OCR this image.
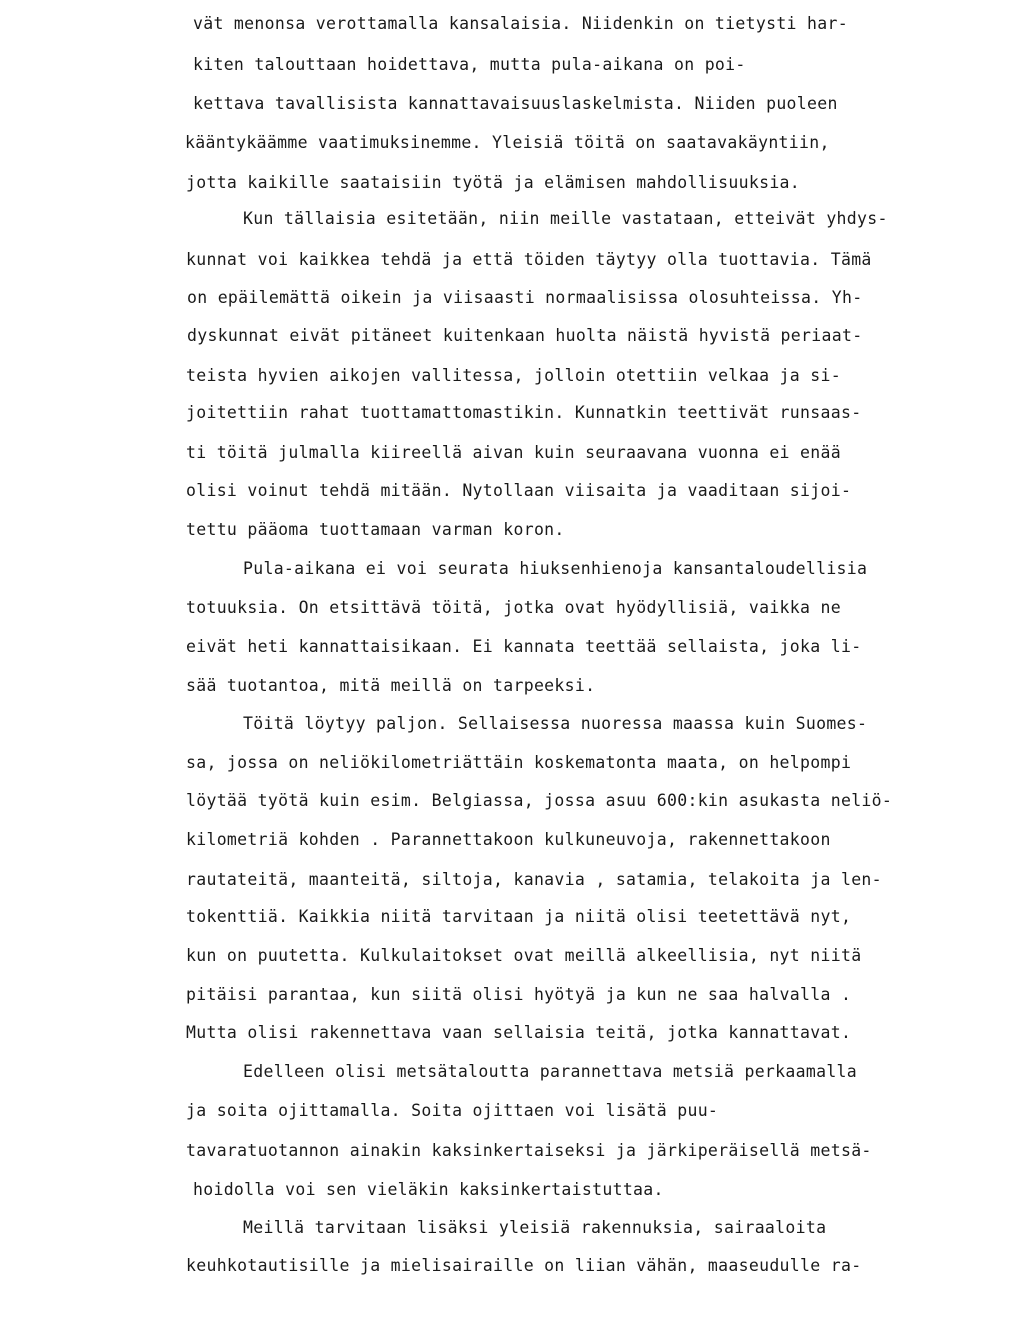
vät menonsa verottamalla kansalaisia. Niidenkin on tietysti har-
kiten talouttaan hoidettava, mutta pula-aikana on poi-
kettava tavallisista kannattavaisuuslaskelmista. Niiden puoleen
kääntykäämme vaatimuksinemme. Yleisiä töitä on saatavakäyntiin,
jotta kaikille saataisiin työtä ja elämisen mahdollisuuksia.
Kun tällaisia esitetään, niin meille vastataan, etteivät yhdys-
kunnat voi kaikkea tehdä ja että töiden täytyy olla tuottavia. Tämä
on epäilemättä oikein ja viisaasti normaalisissa olosuhteissa. Yh-
dyskunnat eivät pitäneet kuitenkaan huolta näistä hyvistä periaat-
teista hyvien aikojen vallitessa, jolloin otettiin velkaa ja si-
joitettiin rahat tuottamattomastikin. Kunnatkin teettivät runsaas-
ti töitä julmalla kiireellä aivan kuin seuraavana vuonna ei enää
olisi voinut tehdä mitään. Nytollaan viisaita ja vaaditaan sijoi-
tettu pääoma tuottamaan varman koron.
Pula-aikana ei voi seurata hiuksenhienoja kansantaloudellisia
totuuksia. On etsittävä töitä, jotka ovat hyödyllisiä, vaikka ne
eivät heti kannattaisikaan. Ei kannata teettää sellaista, joka li-
sää tuotantoa, mitä meillä on tarpeeksi.
Töitä löytyy paljon. Sellaisessa nuoressa maassa kuin Suomes-
sa, jossa on neliökilometriättäin koskematonta maata, on helpompi
löytää työtä kuin esim. Belgiassa, jossa asuu 600:kin asukasta neliö-
kilometriä kohden . Parannettakoon kulkuneuvoja, rakennettakoon
rautateitä, maanteitä, siltoja, kanavia , satamia, telakoita ja len-
tokenttiä. Kaikkia niitä tarvitaan ja niitä olisi teetettävä nyt,
kun on puutetta. Kulkulaitokset ovat meillä alkeellisia, nyt niitä
pitäisi parantaa, kun siitä olisi hyötyä ja kun ne saa halvalla .
Mutta olisi rakennettava vaan sellaisia teitä, jotka kannattavat.
Edelleen olisi metsätaloutta parannettava metsiä perkaamalla
ja soita ojittamalla. Soita ojittaen voi lisätä puu-
tavaratuotannon ainakin kaksinkertaiseksi ja järkiperäisellä metsä-
hoidolla voi sen vieläkin kaksinkertaistuttaa.
Meillä tarvitaan lisäksi yleisiä rakennuksia, sairaaloita
keuhkotautisille ja mielisairaille on liian vähän, maaseudulle ra-
